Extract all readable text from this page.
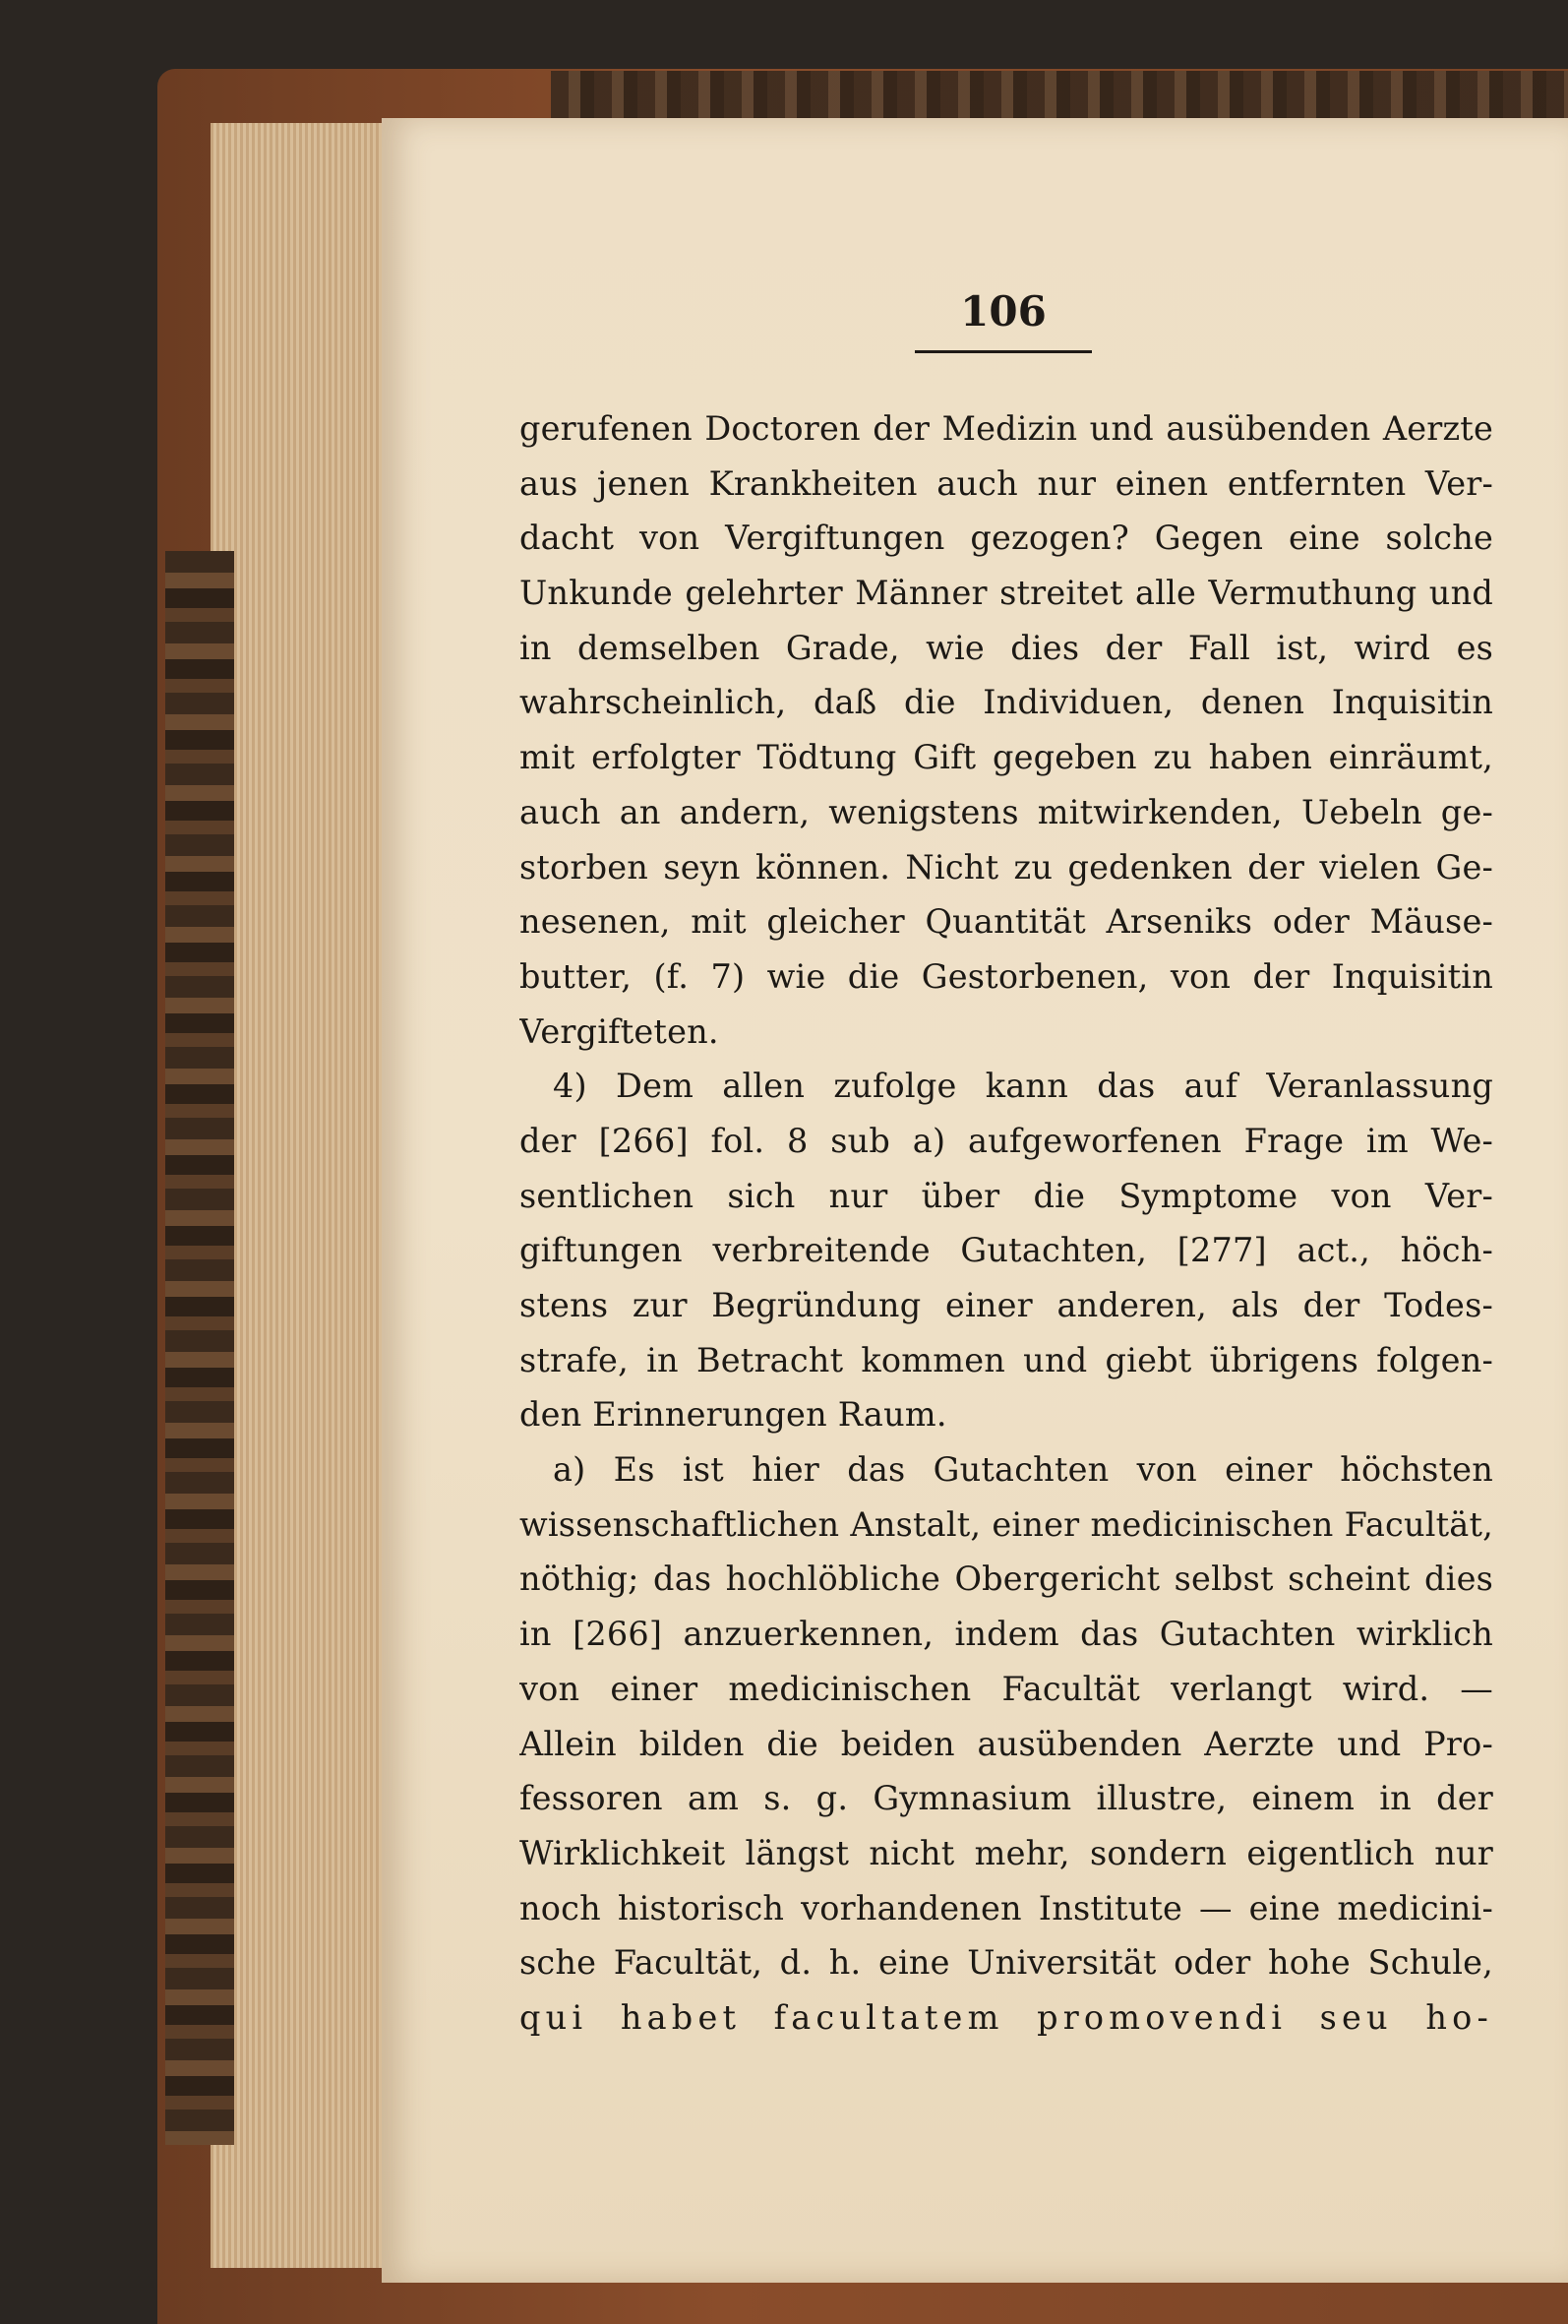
106
gerufenen Doctoren der Medizin und ausübenden Aerzte
aus jenen Krankheiten auch nur einen entfernten Ver-
dacht von Vergiftungen gezogen? Gegen eine solche
Unkunde gelehrter Männer streitet alle Vermuthung und
in demselben Grade, wie dies der Fall ist, wird es
wahrscheinlich, daß die Individuen, denen Inquisitin
mit erfolgter Tödtung Gift gegeben zu haben einräumt,
auch an andern, wenigstens mitwirkenden, Uebeln ge-
storben seyn können. Nicht zu gedenken der vielen Ge-
nesenen, mit gleicher Quantität Arseniks oder Mäuse-
butter, (f. 7) wie die Gestorbenen, von der Inquisitin
Vergifteten.
4) Dem allen zufolge kann das auf Veranlassung
der [266] fol. 8 sub a) aufgeworfenen Frage im We-
sentlichen sich nur über die Symptome von Ver-
giftungen verbreitende Gutachten, [277] act., höch-
stens zur Begründung einer anderen, als der Todes-
strafe, in Betracht kommen und giebt übrigens folgen-
den Erinnerungen Raum.
a) Es ist hier das Gutachten von einer höchsten
wissenschaftlichen Anstalt, einer medicinischen Facultät,
nöthig; das hochlöbliche Obergericht selbst scheint dies
in [266] anzuerkennen, indem das Gutachten wirklich
von einer medicinischen Facultät verlangt wird. —
Allein bilden die beiden ausübenden Aerzte und Pro-
fessoren am s. g. Gymnasium illustre, einem in der
Wirklichkeit längst nicht mehr, sondern eigentlich nur
noch historisch vorhandenen Institute — eine medicini-
sche Facultät, d. h. eine Universität oder hohe Schule,
qui habet facultatem promovendi seu ho-
